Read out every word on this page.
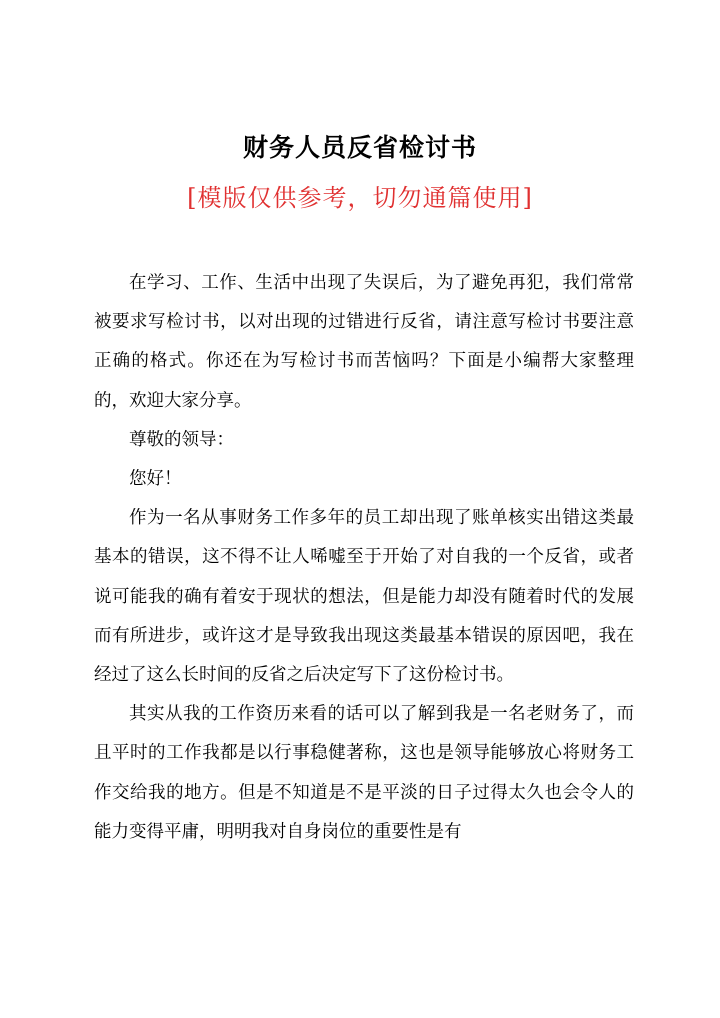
财务人员反省检讨书
[模版仅供参考，切勿通篇使用]

在学习、工作、生活中出现了失误后，为了避免再犯，我们常常被要求写检讨书，以对出现的过错进行反省，请注意写检讨书要注意正确的格式。你还在为写检讨书而苦恼吗？下面是小编帮大家整理的，欢迎大家分享。

尊敬的领导：

您好！

作为一名从事财务工作多年的员工却出现了账单核实出错这类最基本的错误，这不得不让人唏嘘至于开始了对自我的一个反省，或者说可能我的确有着安于现状的想法，但是能力却没有随着时代的发展而有所进步，或许这才是导致我出现这类最基本错误的原因吧，我在经过了这么长时间的反省之后决定写下了这份检讨书。

其实从我的工作资历来看的话可以了解到我是一名老财务了，而且平时的工作我都是以行事稳健著称，这也是领导能够放心将财务工作交给我的地方。但是不知道是不是平淡的日子过得太久也会令人的能力变得平庸，明明我对自身岗位的重要性是有
